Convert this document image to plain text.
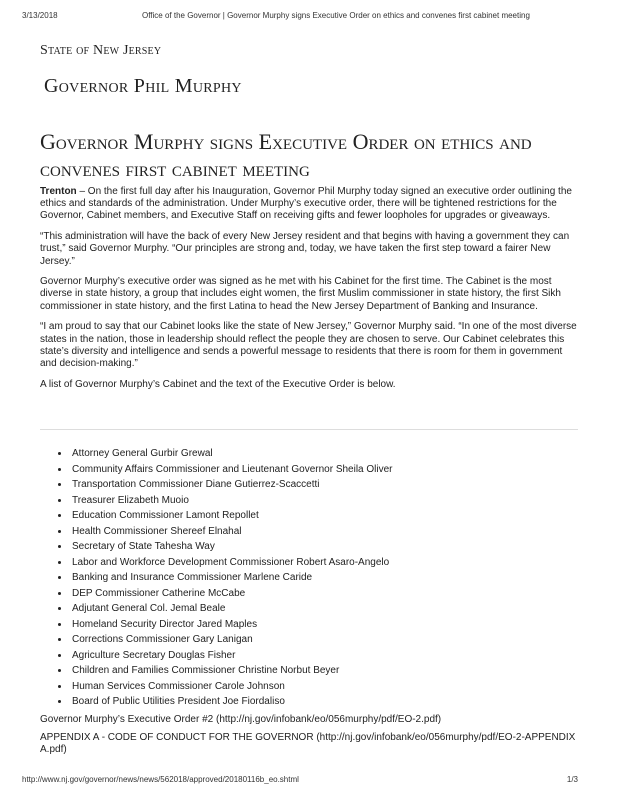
3/13/2018	Office of the Governor | Governor Murphy signs Executive Order on ethics and convenes first cabinet meeting
State of New Jersey
Governor Phil Murphy
Governor Murphy signs Executive Order on ethics and convenes first cabinet meeting

Trenton – On the first full day after his Inauguration, Governor Phil Murphy today signed an executive order outlining the ethics and standards of the administration. Under Murphy’s executive order, there will be tightened restrictions for the Governor, Cabinet members, and Executive Staff on receiving gifts and fewer loopholes for upgrades or giveaways.

“This administration will have the back of every New Jersey resident and that begins with having a government they can trust,” said Governor Murphy. “Our principles are strong and, today, we have taken the first step toward a fairer New Jersey.”

Governor Murphy’s executive order was signed as he met with his Cabinet for the first time. The Cabinet is the most diverse in state history, a group that includes eight women, the first Muslim commissioner in state history, the first Sikh commissioner in state history, and the first Latina to head the New Jersey Department of Banking and Insurance.

“I am proud to say that our Cabinet looks like the state of New Jersey,” Governor Murphy said. “In one of the most diverse states in the nation, those in leadership should reflect the people they are chosen to serve. Our Cabinet celebrates this state’s diversity and intelligence and sends a powerful message to residents that there is room for them in government and decision-making.”

A list of Governor Murphy’s Cabinet and the text of the Executive Order is below.

• Attorney General Gurbir Grewal
• Community Affairs Commissioner and Lieutenant Governor Sheila Oliver
• Transportation Commissioner Diane Gutierrez-Scaccetti
• Treasurer Elizabeth Muoio
• Education Commissioner Lamont Repollet
• Health Commissioner Shereef Elnahal
• Secretary of State Tahesha Way
• Labor and Workforce Development Commissioner Robert Asaro-Angelo
• Banking and Insurance Commissioner Marlene Caride
• DEP Commissioner Catherine McCabe
• Adjutant General Col. Jemal Beale
• Homeland Security Director Jared Maples
• Corrections Commissioner Gary Lanigan
• Agriculture Secretary Douglas Fisher
• Children and Families Commissioner Christine Norbut Beyer
• Human Services Commissioner Carole Johnson
• Board of Public Utilities President Joe Fiordaliso

Governor Murphy’s Executive Order #2 (http://nj.gov/infobank/eo/056murphy/pdf/EO-2.pdf)

APPENDIX A - CODE OF CONDUCT FOR THE GOVERNOR (http://nj.gov/infobank/eo/056murphy/pdf/EO-2-APPENDIX A.pdf)

http://www.nj.gov/governor/news/news/562018/approved/20180116b_eo.shtml	1/3
